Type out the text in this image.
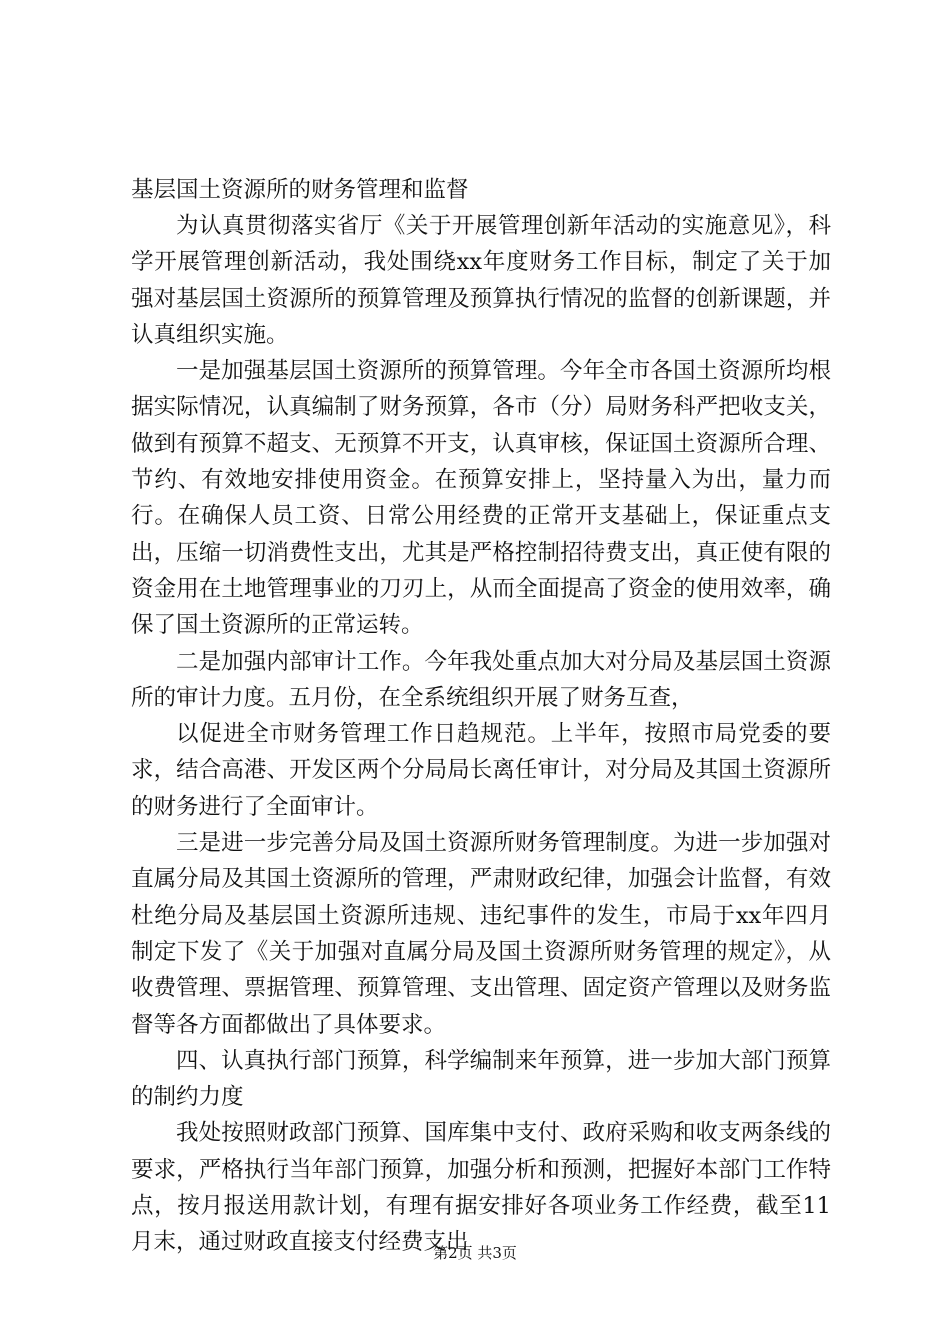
基层国土资源所的财务管理和监督

为认真贯彻落实省厅《关于开展管理创新年活动的实施意见》，科学开展管理创新活动，我处围绕xx年度财务工作目标，制定了关于加强对基层国土资源所的预算管理及预算执行情况的监督的创新课题，并认真组织实施。

一是加强基层国土资源所的预算管理。今年全市各国土资源所均根据实际情况，认真编制了财务预算，各市（分）局财务科严把收支关，做到有预算不超支、无预算不开支，认真审核，保证国土资源所合理、节约、有效地安排使用资金。在预算安排上，坚持量入为出，量力而行。在确保人员工资、日常公用经费的正常开支基础上，保证重点支出，压缩一切消费性支出，尤其是严格控制招待费支出，真正使有限的资金用在土地管理事业的刀刃上，从而全面提高了资金的使用效率，确保了国土资源所的正常运转。

二是加强内部审计工作。今年我处重点加大对分局及基层国土资源所的审计力度。五月份，在全系统组织开展了财务互查，

以促进全市财务管理工作日趋规范。上半年，按照市局党委的要求，结合高港、开发区两个分局局长离任审计，对分局及其国土资源所的财务进行了全面审计。

三是进一步完善分局及国土资源所财务管理制度。为进一步加强对直属分局及其国土资源所的管理，严肃财政纪律，加强会计监督，有效杜绝分局及基层国土资源所违规、违纪事件的发生，市局于xx年四月制定下发了《关于加强对直属分局及国土资源所财务管理的规定》，从收费管理、票据管理、预算管理、支出管理、固定资产管理以及财务监督等各方面都做出了具体要求。

四、认真执行部门预算，科学编制来年预算，进一步加大部门预算的制约力度

我处按照财政部门预算、国库集中支付、政府采购和收支两条线的要求，严格执行当年部门预算，加强分析和预测，把握好本部门工作特点，按月报送用款计划，有理有据安排好各项业务工作经费，截至11月末，通过财政直接支付经费支出

第2页 共3页
